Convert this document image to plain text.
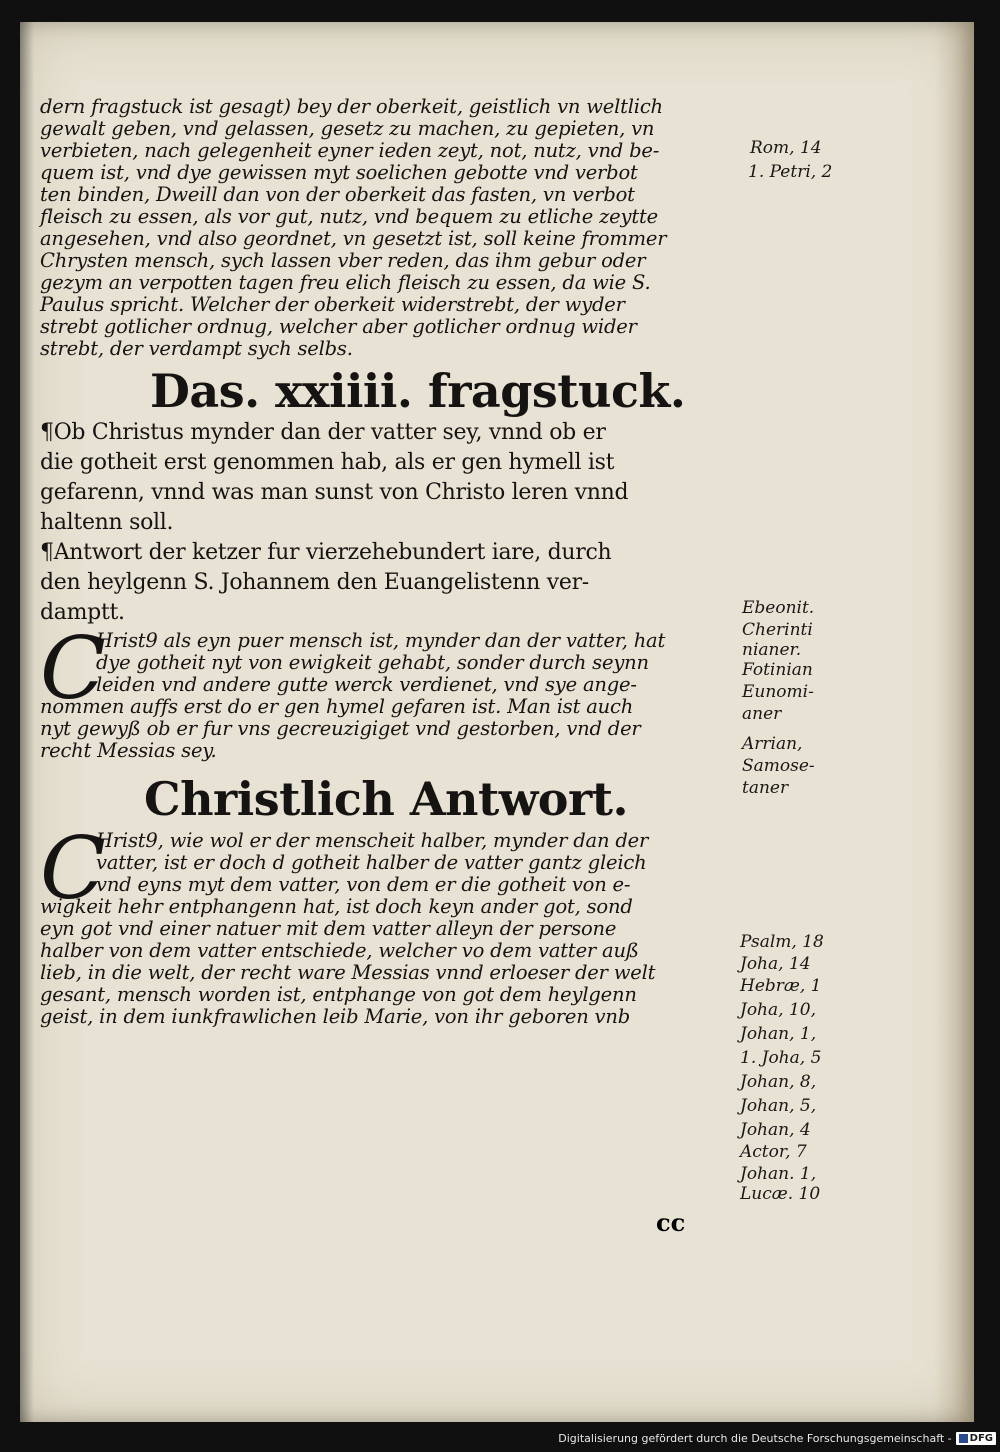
dern fragstuck ist gesagt) bey der oberkeit, geistlich vn weltlich
gewalt geben, vnd gelassen, gesetz zu machen, zu gepieten, vn
verbieten, nach gelegenheit eyner ieden zeyt, not, nutz, vnd be-
quem ist, vnd dye gewissen myt soelichen gebotte vnd verbot
ten binden, Dweill dan von der oberkeit das fasten, vn verbot
fleisch zu essen, als vor gut, nutz, vnd bequem zu etliche zeytte
angesehen, vnd also geordnet, vn gesetzt ist, soll keine frommer
Chrysten mensch, sych lassen vber reden, das ihm gebur oder
gezym an verpotten tagen freu elich fleisch zu essen, da wie S.
Paulus spricht. Welcher der oberkeit widerstrebt, der wyder
strebt gotlicher ordnug, welcher aber gotlicher ordnug wider
strebt, der verdampt sych selbs.
Das. xxiiii. fragstuck.
¶Ob Christus mynder dan der vatter sey, vnnd ob er
die gotheit erst genommen hab, als er gen hymell ist
gefarenn, vnnd was man sunst von Christo leren vnnd
haltenn soll.
¶Antwort der ketzer fur vierzehebundert iare, durch
den heylgenn S. Johannem den Euangelistenn ver-
damptt.
C
Hrist9 als eyn puer mensch ist, mynder dan der vatter, hat
dye gotheit nyt von ewigkeit gehabt, sonder durch seynn
leiden vnd andere gutte werck verdienet, vnd sye ange-
nommen auffs erst do er gen hymel gefaren ist. Man ist auch
nyt gewyß ob er fur vns gecreuzigiget vnd gestorben, vnd der
recht Messias sey.
Christlich Antwort.
C
Hrist9, wie wol er der menscheit halber, mynder dan der
vatter, ist er doch d gotheit halber de vatter gantz gleich
vnd eyns myt dem vatter, von dem er die gotheit von e-
wigkeit hehr entphangenn hat, ist doch keyn ander got, sond
eyn got vnd einer natuer mit dem vatter alleyn der persone
halber von dem vatter entschiede, welcher vo dem vatter auß
lieb, in die welt, der recht ware Messias vnnd erloeser der welt
gesant, mensch worden ist, entphange von got dem heylgenn
geist, in dem iunkfrawlichen leib Marie, von ihr geboren vnb
Rom, 14
1. Petri, 2
Ebeonit.
Cherinti
nianer.
Fotinian
Eunomi-
aner
Arrian,
Samose-
taner
Psalm, 18
Joha, 14
Hebræ, 1
Joha, 10,
Johan, 1,
1. Joha, 5
Johan, 8,
Johan, 5,
Johan, 4
Actor, 7
Johan. 1,
Lucæ. 10
cc
Digitalisierung gefördert durch die Deutsche Forschungsgemeinschaft - DFG
